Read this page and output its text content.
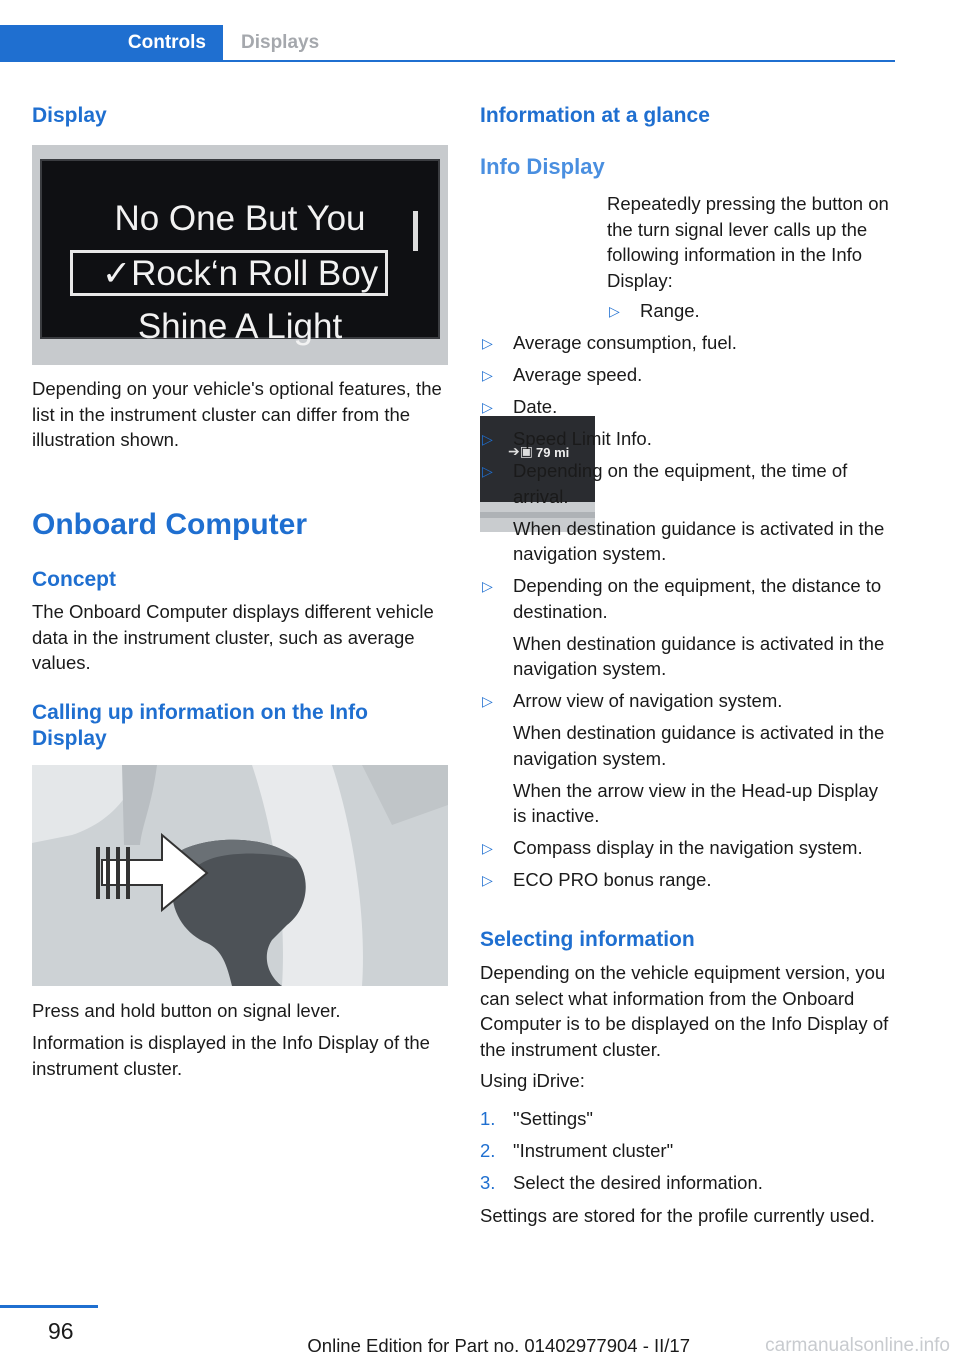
Controls	Displays
Display
No One But You
✓Rock‘n Roll Boy
Shine A Light

Depending on your vehicle's optional features, the list in the instrument cluster can differ from the illustration shown.

Onboard Computer
Concept

The Onboard Computer displays different vehicle data in the instrument cluster, such as average values.

Calling up information on the Info Display

Press and hold button on signal lever.

Information is displayed in the Info Display of the instrument cluster.

Information at a glance
Info Display
➔▣ 79 mi

Repeatedly pressing the button on the turn signal lever calls up the following information in the Info Display:

▷ Range.
▷ Average consumption, fuel.
▷ Average speed.
▷ Date.
▷ Speed Limit Info.
▷ Depending on the equipment, the time of arrival.
When destination guidance is activated in the navigation system.
▷ Depending on the equipment, the distance to destination.
When destination guidance is activated in the navigation system.
▷ Arrow view of navigation system.
When destination guidance is activated in the navigation system.
When the arrow view in the Head-up Display is inactive.
▷ Compass display in the navigation system.
▷ ECO PRO bonus range.
Selecting information

Depending on the vehicle equipment version, you can select what information from the Onboard Computer is to be displayed on the Info Display of the instrument cluster.

Using iDrive:

1. "Settings"
2. "Instrument cluster"
3. Select the desired information.

Settings are stored for the profile currently used.

96
Online Edition for Part no. 01402977904 - II/17	carmanualsonline.info
